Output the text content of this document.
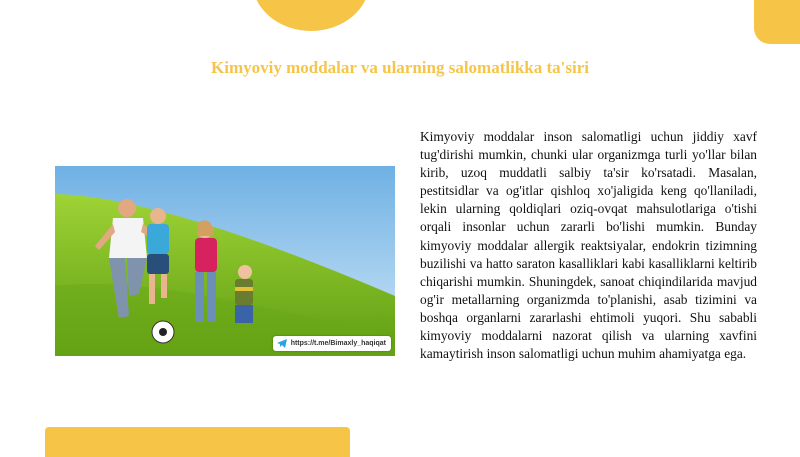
Kimyoviy moddalar va ularning salomatlikka ta'siri
https://t.me/Bimaxly_haqiqat

Kimyoviy moddalar inson salomatligi uchun jiddiy xavf tug'dirishi mumkin, chunki ular organizmga turli yo'llar bilan kirib, uzoq muddatli salbiy ta'sir ko'rsatadi. Masalan, pestitsidlar va og'itlar qishloq xo'jaligida keng qo'llaniladi, lekin ularning qoldiqlari oziq-ovqat mahsulotlariga o'tishi orqali insonlar uchun zararli bo'lishi mumkin. Bunday kimyoviy moddalar allergik reaktsiyalar, endokrin tizimning buzilishi va hatto saraton kasalliklari kabi kasalliklarni keltirib chiqarishi mumkin. Shuningdek, sanoat chiqindilarida mavjud og'ir metallarning organizmda to'planishi, asab tizimini va boshqa organlarni zararlashi ehtimoli yuqori. Shu sababli kimyoviy moddalarni nazorat qilish va ularning xavfini kamaytirish inson salomatligi uchun muhim ahamiyatga ega.
